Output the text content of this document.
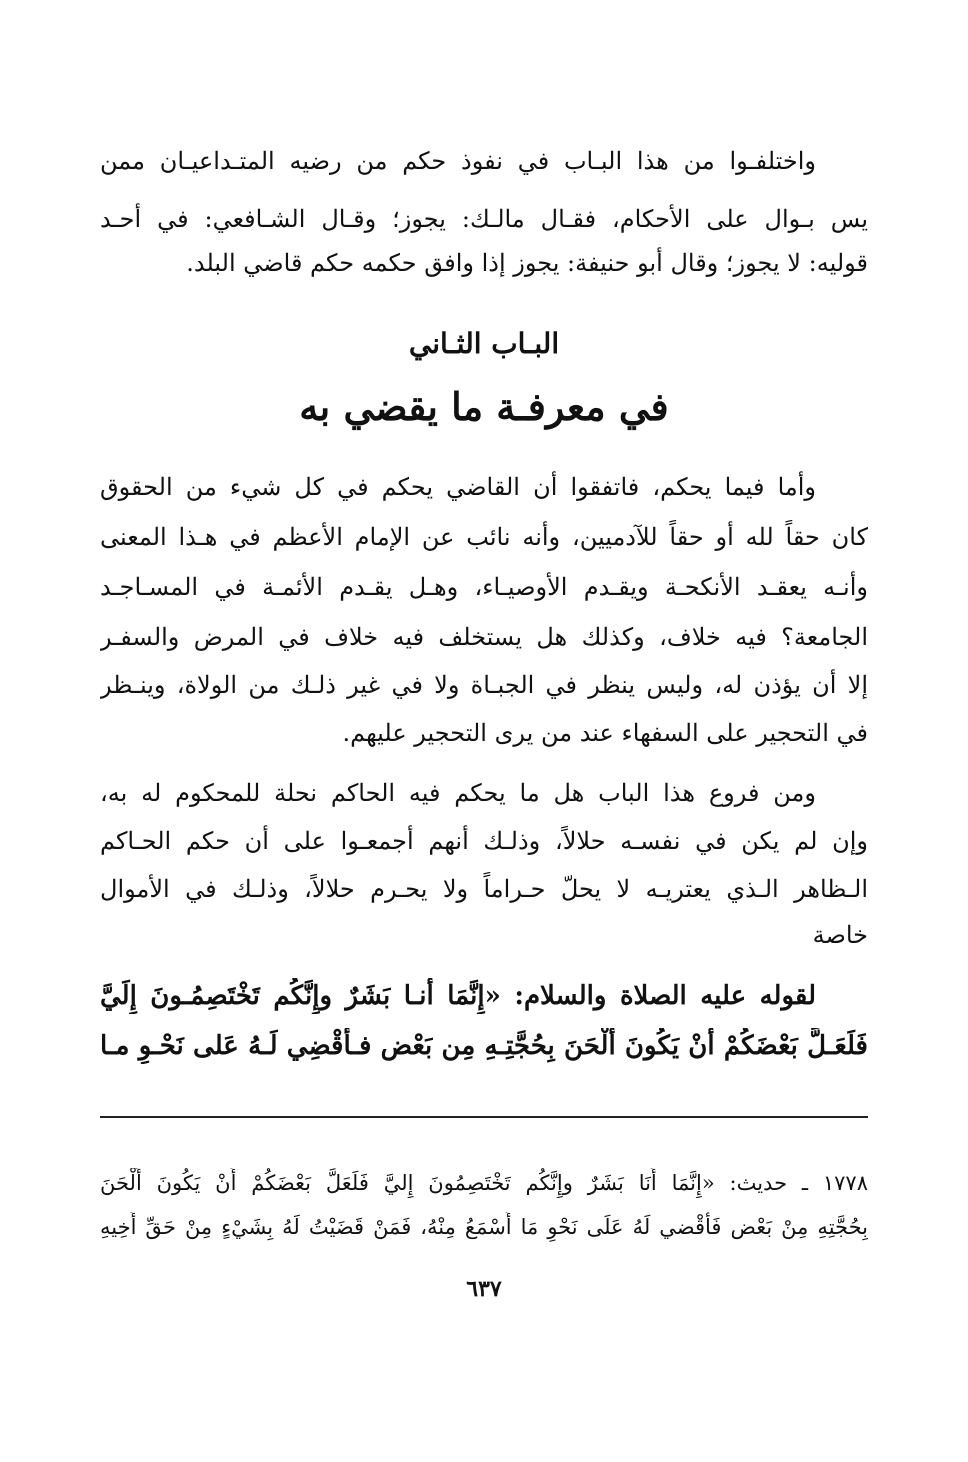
واختلفـوا من هذا البـاب في نفوذ حكم من رضيه المتـداعيـان ممن
يس بـوال على الأحكام، فقـال مالـك: يجوز؛ وقـال الشـافعي: في أحـد
قوليه: لا يجوز؛ وقال أبو حنيفة: يجوز إذا وافق حكمه حكم قاضي البلد.
البـاب الثـاني
في معرفـة ما يقضي به
وأما فيما يحكم، فاتفقوا أن القاضي يحكم في كل شيء من الحقوق
كان حقاً لله أو حقاً للآدميين، وأنه نائب عن الإمام الأعظم في هـذا المعنى
وأنـه يعقـد الأنكحـة ويقـدم الأوصيـاء، وهـل يقـدم الأئمـة في المسـاجـد
الجامعة؟ فيه خلاف، وكذلك هل يستخلف فيه خلاف في المرض والسفـر
إلا أن يؤذن له، وليس ينظر في الجبـاة ولا في غير ذلـك من الولاة، وينـظر
في التحجير على السفهاء عند من يرى التحجير عليهم.
ومن فروع هذا الباب هل ما يحكم فيه الحاكم نحلة للمحكوم له به،
وإن لم يكن في نفسـه حلالاً، وذلـك أنهم أجمعـوا على أن حكم الحـاكم
الـظاهر الـذي يعتريـه لا يحلّ حـراماً ولا يحـرم حلالاً، وذلـك في الأموال
خاصة
لقوله عليه الصلاة والسلام: «إِنَّمَا أَنـا بَشَرٌ وإِنَّكُم تَخْتَصِمُـونَ إِلَيَّ
فَلَعَـلَّ بَعْضَكُمْ أَنْ يَكُونَ أَلْحَنَ بِحُجَّتِـهِ مِن بَعْض فـأَقْضِي لَـهُ عَلى نَحْـوِ مـا
١٧٧٨ ـ حديث: «إِنَّمَا أَنَا بَشَرٌ وإِنَّكُم تَخْتَصِمُونَ إِليَّ فَلَعَلَّ بَعْضَكُمْ أَنْ يَكُونَ أَلْحَنَ
بِحُجَّتِهِ مِنْ بَعْض فَأَقْضي لَهُ عَلَى نَحْوِ مَا أَسْمَعُ مِنْهُ، فَمَنْ قَضَيْتُ لَهُ بِشَيْءٍ مِنْ حَقِّ أَخِيهِ
٦٣٧
